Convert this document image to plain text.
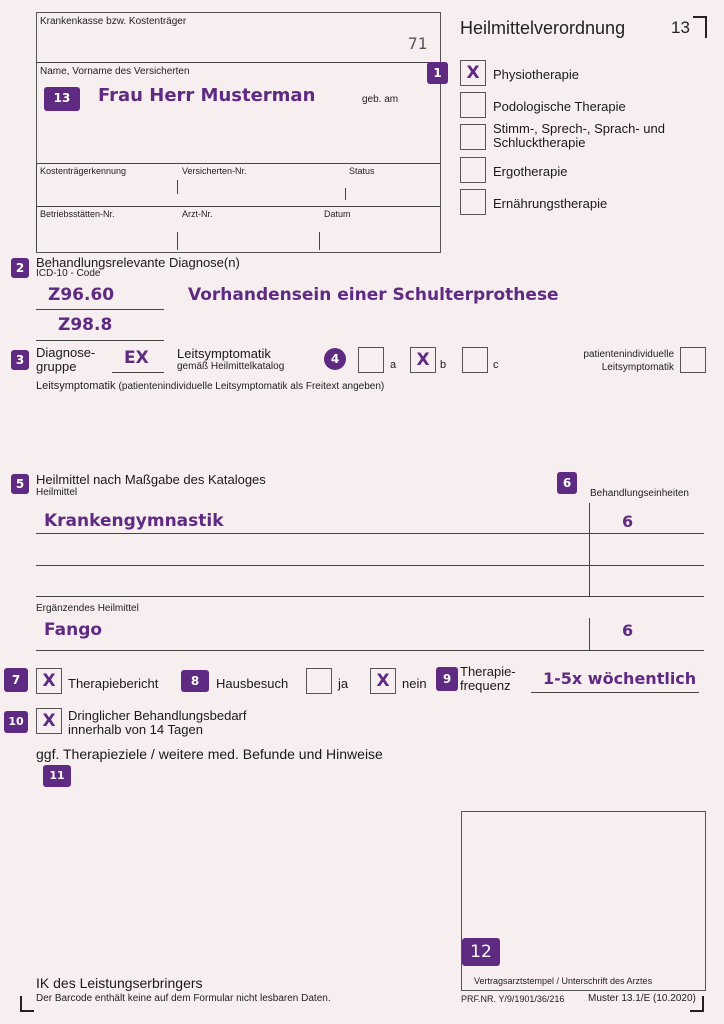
Krankenkasse bzw. Kostenträger
71
Name, Vorname des Versicherten
13	Frau Herr Musterman	geb. am
Kostenträgerkennung	Versicherten-Nr.	Status
Betriebsstätten-Nr.	Arzt-Nr.	Datum
Heilmittelverordnung	13
1	X	Physiotherapie
Podologische Therapie
Stimm-, Sprech-, Sprach- und Schlucktherapie
Ergotherapie
Ernährungstherapie
2 Behandlungsrelevante Diagnose(n)
ICD-10 - Code
Z96.60	Vorhandensein einer Schulterprothese
Z98.8
3 Diagnose-gruppe	EX Leitsymptomatik
gemäß Heilmittelkatalog
4	a	X b	c
patientenindividuelle Leitsymptomatik
Leitsymptomatik (patientenindividuelle Leitsymptomatik als Freitext angeben)
5 Heilmittel nach Maßgabe des Kataloges
Heilmittel
6
Behandlungseinheiten
Krankengymnastik	6
Ergänzendes Heilmittel
Fango	6
7	X Therapiebericht	8	Hausbesuch	ja	X nein	9 Therapie-frequenz	1-5x wöchentlich
10	X Dringlicher Behandlungsbedarf innerhalb von 14 Tagen
ggf. Therapieziele / weitere med. Befunde und Hinweise
11
12
Vertragsarztstempel / Unterschrift des Arztes
IK des Leistungserbringers
Der Barcode enthält keine auf dem Formular nicht lesbaren Daten.	PRF.NR. Y/9/1901/36/216 Muster 13.1/E (10.2020)
